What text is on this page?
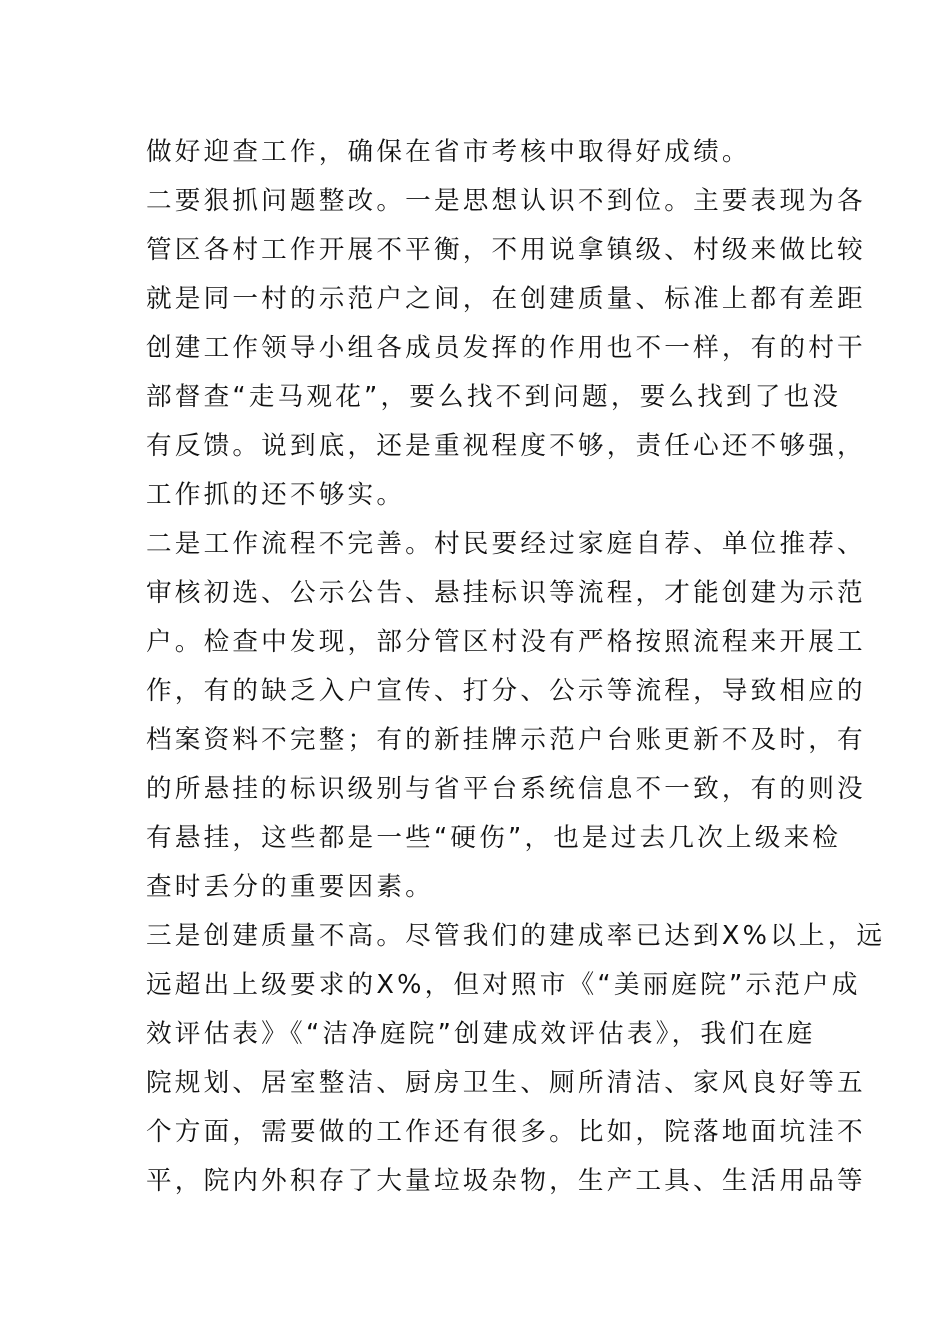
做好迎查工作，确保在省市考核中取得好成绩。
二要狠抓问题整改。一是思想认识不到位。主要表现为各
管区各村工作开展不平衡，不用说拿镇级、村级来做比较
就是同一村的示范户之间，在创建质量、标准上都有差距
创建工作领导小组各成员发挥的作用也不一样，有的村干
部督查“走马观花”，要么找不到问题，要么找到了也没
有反馈。说到底，还是重视程度不够，责任心还不够强，
工作抓的还不够实。
二是工作流程不完善。村民要经过家庭自荐、单位推荐、
审核初选、公示公告、悬挂标识等流程，才能创建为示范
户。检查中发现，部分管区村没有严格按照流程来开展工
作，有的缺乏入户宣传、打分、公示等流程，导致相应的
档案资料不完整；有的新挂牌示范户台账更新不及时，有
的所悬挂的标识级别与省平台系统信息不一致，有的则没
有悬挂，这些都是一些“硬伤”，也是过去几次上级来检
查时丢分的重要因素。
三是创建质量不高。尽管我们的建成率已达到X%以上，远
远超出上级要求的X%，但对照市《“美丽庭院”示范户成
效评估表》《“洁净庭院”创建成效评估表》，我们在庭
院规划、居室整洁、厨房卫生、厕所清洁、家风良好等五
个方面，需要做的工作还有很多。比如，院落地面坑洼不
平，院内外积存了大量垃圾杂物，生产工具、生活用品等
